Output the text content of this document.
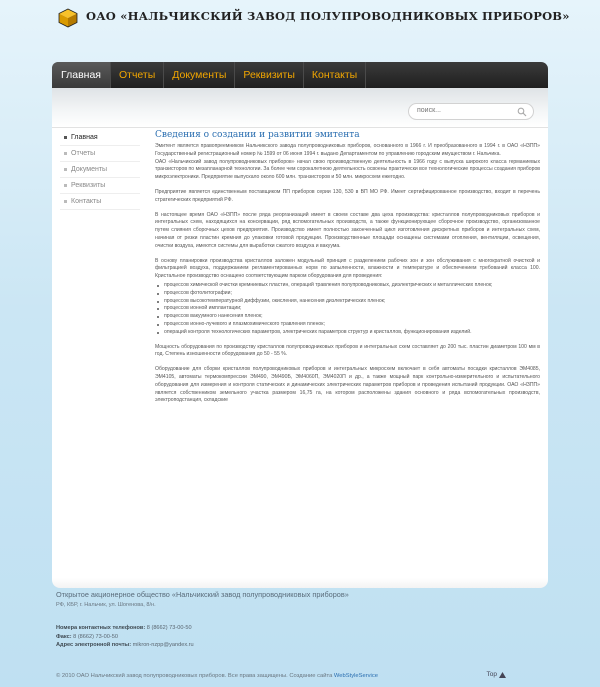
ОАО «НАЛЬЧИКСКИЙ ЗАВОД ПОЛУПРОВОДНИКОВЫХ ПРИБОРОВ»
Главная	Отчеты	Документы	Реквизиты	Контакты
поиск...
Главная
Отчеты
Документы
Реквизиты
Контакты
Сведения о создании и развитии эмитента
Эмитент является правопреемником Нальчикского завода полупроводниковых приборов, основанного в 1966 г. И преобразованного в 1994 г. в ОАО «НЗПП» Государственный регистрационный номер № 1599 от 06 июня 1994 г. выдано Департаментом по управлению городским имуществом г. Нальчика.
ОАО «Нальчикский завод полупроводниковых приборов» начал свою производственную деятельность в 1966 году с выпуска широкого класса германиевых транзисторов по мезапланарной технологии. За более чем сорокалетнюю деятельность освоены практически все технологические процессы создания приборов микроэлектроники. Предприятие выпускало около 600 млн. транзисторов и 50 млн. микросхем ежегодно.
Предприятие является единственным поставщиком ПП приборов серии 130, 530 в ВП МО РФ. Имеет сертифицированное производство, входит в перечень стратегических предприятий РФ.
В настоящее время ОАО «НЗПП» после ряда реорганизаций имеет в своем составе два цеха производства: кристаллов полупроводниковых приборов и интегральных схем, находящихся на консервации, ряд вспомогательных производств, а также функционирующее сборочное производство, организованное путем слияния сборочных цехов предприятия. Производство имеет полностью законченный цикл изготовления дискретных приборов и интегральных схем, начиная от резки пластин кремния до упаковки готовой продукции. Производственные площади оснащены системами отопления, вентиляции, освещения, очистки воздуха, имеются системы для выработки сжатого воздуха и вакуума.
В основу планировки производства кристаллов заложен модульный принцип с разделением рабочих зон и зон обслуживания с многократной очисткой и фильтрацией воздуха, поддержанием регламентированных норм по запыленности, влажности и температуре и обеспечением требований класса 100. Кристальное производство оснащено соответствующим парком оборудования для проведения:
процессов химической очистки кремниевых пластин, операций травления полупроводниковых, диэлектрических и металлических пленок;
процессов фотолитографии;
процессов высокотемпературной диффузии, окисления, нанесения диэлектрических пленок;
процессов ионной имплантации;
процессов вакуумного нанесения пленок;
процессов ионно-лучевого и плазмохимического травления пленок;
операций контроля технологических параметров, электрических параметров структур и кристаллов, функционирования изделий.
Мощность оборудования по производству кристаллов полупроводниковых приборов и интегральных схем составляет до 200 тыс. пластин диаметром 100 мм в год. Степень изношенности оборудования до 50 - 55 %.
Оборудование для сборки кристаллов полупроводниковых приборов и интегральных микросхем включает в себя автоматы посадки кристаллов ЭМ4085, ЭМ4105, автоматы термокомпрессии ЭМ490, ЭМ490Б, ЭМ4060П, ЭМ4020П и др., а также мощный парк контрольно-измерительного и испытательного оборудования для измерения и контроля статических и динамических электрических параметров приборов и проведения испытаний продукции. ОАО «НЗПП» является собственником земельного участка размером 16,75 га, на котором расположены здания основного и ряда вспомогательных производств, электроподстанция, складские
Открытое акционерное общество «Нальчикский завод полупроводниковых приборов»
РФ, КБР, г. Нальчик, ул. Шогенова, 8/н.
Номера контактных телефонов: 8 (8662) 73-00-50
Факс: 8 (8662) 73-00-50
Адрес электронной почты: mikron-nzpp@yandex.ru
© 2010 ОАО Нальчикский завод полупроводниковых приборов. Все права защищены. Создание сайта WebStyleService	Top
